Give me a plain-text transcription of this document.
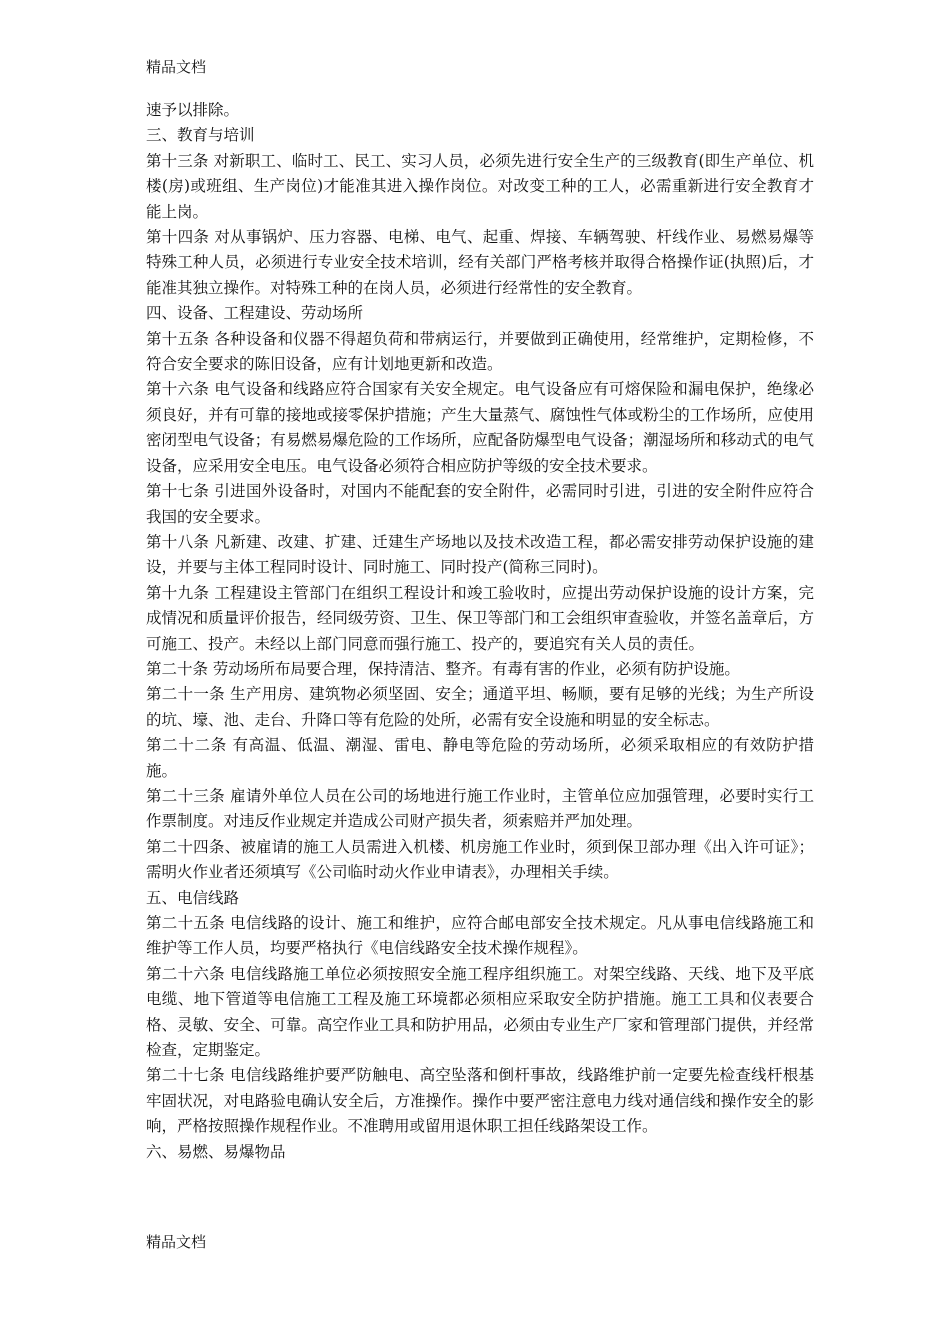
精品文档

速予以排除。

三、教育与培训

第十三条 对新职工、临时工、民工、实习人员，必须先进行安全生产的三级教育(即生产单位、机楼(房)或班组、生产岗位)才能准其进入操作岗位。对改变工种的工人，必需重新进行安全教育才能上岗。

第十四条 对从事锅炉、压力容器、电梯、电气、起重、焊接、车辆驾驶、杆线作业、易燃易爆等特殊工种人员，必须进行专业安全技术培训，经有关部门严格考核并取得合格操作证(执照)后，才能准其独立操作。对特殊工种的在岗人员，必须进行经常性的安全教育。

四、设备、工程建设、劳动场所

第十五条 各种设备和仪器不得超负荷和带病运行，并要做到正确使用，经常维护，定期检修，不符合安全要求的陈旧设备，应有计划地更新和改造。

第十六条 电气设备和线路应符合国家有关安全规定。电气设备应有可熔保险和漏电保护，绝缘必须良好，并有可靠的接地或接零保护措施；产生大量蒸气、腐蚀性气体或粉尘的工作场所，应使用密闭型电气设备；有易燃易爆危险的工作场所，应配备防爆型电气设备；潮湿场所和移动式的电气设备，应采用安全电压。电气设备必须符合相应防护等级的安全技术要求。

第十七条 引进国外设备时，对国内不能配套的安全附件，必需同时引进，引进的安全附件应符合我国的安全要求。

第十八条 凡新建、改建、扩建、迁建生产场地以及技术改造工程，都必需安排劳动保护设施的建设，并要与主体工程同时设计、同时施工、同时投产(简称三同时)。

第十九条 工程建设主管部门在组织工程设计和竣工验收时，应提出劳动保护设施的设计方案，完成情况和质量评价报告，经同级劳资、卫生、保卫等部门和工会组织审查验收，并签名盖章后，方可施工、投产。未经以上部门同意而强行施工、投产的，要追究有关人员的责任。

第二十条 劳动场所布局要合理，保持清洁、整齐。有毒有害的作业，必须有防护设施。

第二十一条 生产用房、建筑物必须坚固、安全；通道平坦、畅顺，要有足够的光线；为生产所设的坑、壕、池、走台、升降口等有危险的处所，必需有安全设施和明显的安全标志。

第二十二条 有高温、低温、潮湿、雷电、静电等危险的劳动场所，必须采取相应的有效防护措施。

第二十三条 雇请外单位人员在公司的场地进行施工作业时，主管单位应加强管理，必要时实行工作票制度。对违反作业规定并造成公司财产损失者，须索赔并严加处理。

第二十四条、被雇请的施工人员需进入机楼、机房施工作业时，须到保卫部办理《出入许可证》；需明火作业者还须填写《公司临时动火作业申请表》，办理相关手续。

五、电信线路

第二十五条 电信线路的设计、施工和维护，应符合邮电部安全技术规定。凡从事电信线路施工和维护等工作人员，均要严格执行《电信线路安全技术操作规程》。

第二十六条 电信线路施工单位必须按照安全施工程序组织施工。对架空线路、天线、地下及平底电缆、地下管道等电信施工工程及施工环境都必须相应采取安全防护措施。施工工具和仪表要合格、灵敏、安全、可靠。高空作业工具和防护用品，必须由专业生产厂家和管理部门提供，并经常检查，定期鉴定。

第二十七条 电信线路维护要严防触电、高空坠落和倒杆事故，线路维护前一定要先检查线杆根基牢固状况，对电路验电确认安全后，方准操作。操作中要严密注意电力线对通信线和操作安全的影响，严格按照操作规程作业。不准聘用或留用退休职工担任线路架设工作。

六、易燃、易爆物品

精品文档
